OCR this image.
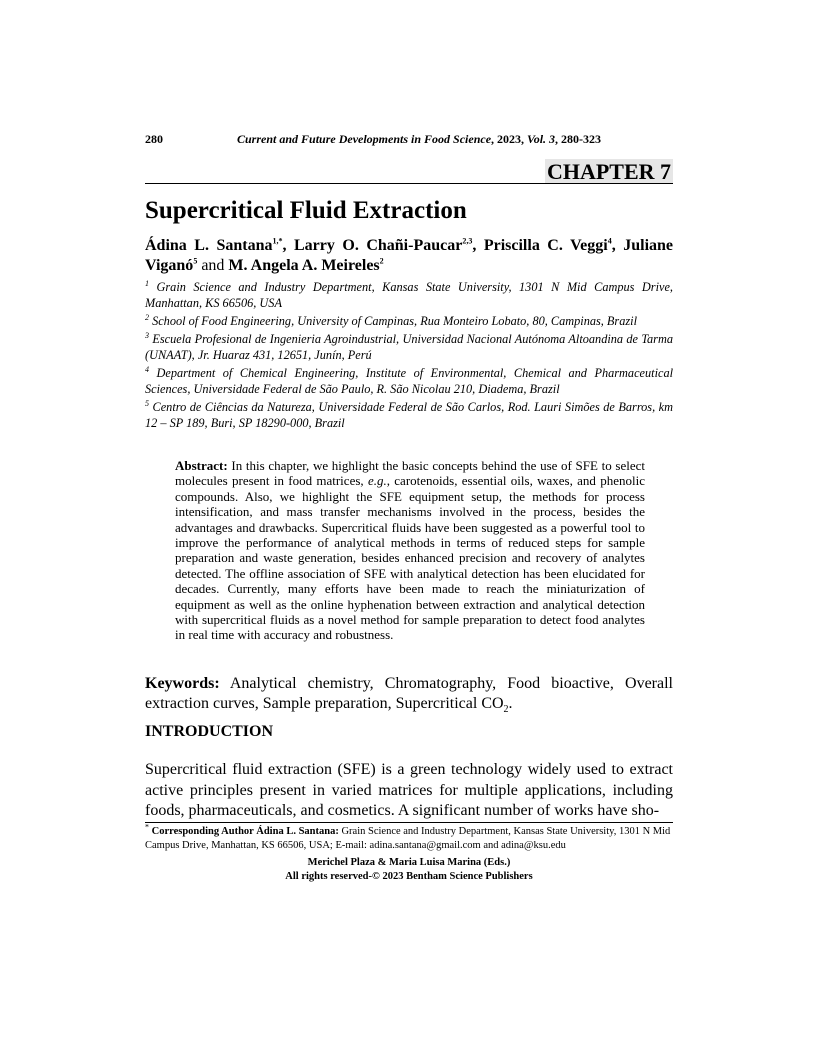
280	Current and Future Developments in Food Science, 2023, Vol. 3, 280-323
CHAPTER 7
Supercritical Fluid Extraction
Ádina L. Santana$^{1,*}$, Larry O. Chañi-Paucar$^{2,3}$, Priscilla C. Veggi$^4$, Juliane Viganó$^5$ and M. Angela A. Meireles$^2$

$^1$ Grain Science and Industry Department, Kansas State University, 1301 N Mid Campus Drive, Manhattan, KS 66506, USA

$^2$ School of Food Engineering, University of Campinas, Rua Monteiro Lobato, 80, Campinas, Brazil

$^3$ Escuela Profesional de Ingenieria Agroindustrial, Universidad Nacional Autónoma Altoandina de Tarma (UNAAT), Jr. Huaraz 431, 12651, Junín, Perú

$^4$ Department of Chemical Engineering, Institute of Environmental, Chemical and Pharmaceutical Sciences, Universidade Federal de São Paulo, R. São Nicolau 210, Diadema, Brazil

$^5$ Centro de Ciências da Natureza, Universidade Federal de São Carlos, Rod. Lauri Simões de Barros, km 12 – SP 189, Buri, SP 18290-000, Brazil

Abstract: In this chapter, we highlight the basic concepts behind the use of SFE to select molecules present in food matrices, e.g., carotenoids, essential oils, waxes, and phenolic compounds. Also, we highlight the SFE equipment setup, the methods for process intensification, and mass transfer mechanisms involved in the process, besides the advantages and drawbacks. Supercritical fluids have been suggested as a powerful tool to improve the performance of analytical methods in terms of reduced steps for sample preparation and waste generation, besides enhanced precision and recovery of analytes detected. The offline association of SFE with analytical detection has been elucidated for decades. Currently, many efforts have been made to reach the miniaturization of equipment as well as the online hyphenation between extraction and analytical detection with supercritical fluids as a novel method for sample preparation to detect food analytes in real time with accuracy and robustness.
Keywords: Analytical chemistry, Chromatography, Food bioactive, Overall extraction curves, Sample preparation, Supercritical $CO_2$.
INTRODUCTION
Supercritical fluid extraction (SFE) is a green technology widely used to extract active principles present in varied matrices for multiple applications, including foods, pharmaceuticals, and cosmetics. A significant number of works have sho-
* Corresponding Author Ádina L. Santana: Grain Science and Industry Department, Kansas State University, 1301 N Mid Campus Drive, Manhattan, KS 66506, USA; E-mail: adina.santana@gmail.com and adina@ksu.edu
Merichel Plaza & Maria Luisa Marina (Eds.)
All rights reserved-© 2023 Bentham Science Publishers
